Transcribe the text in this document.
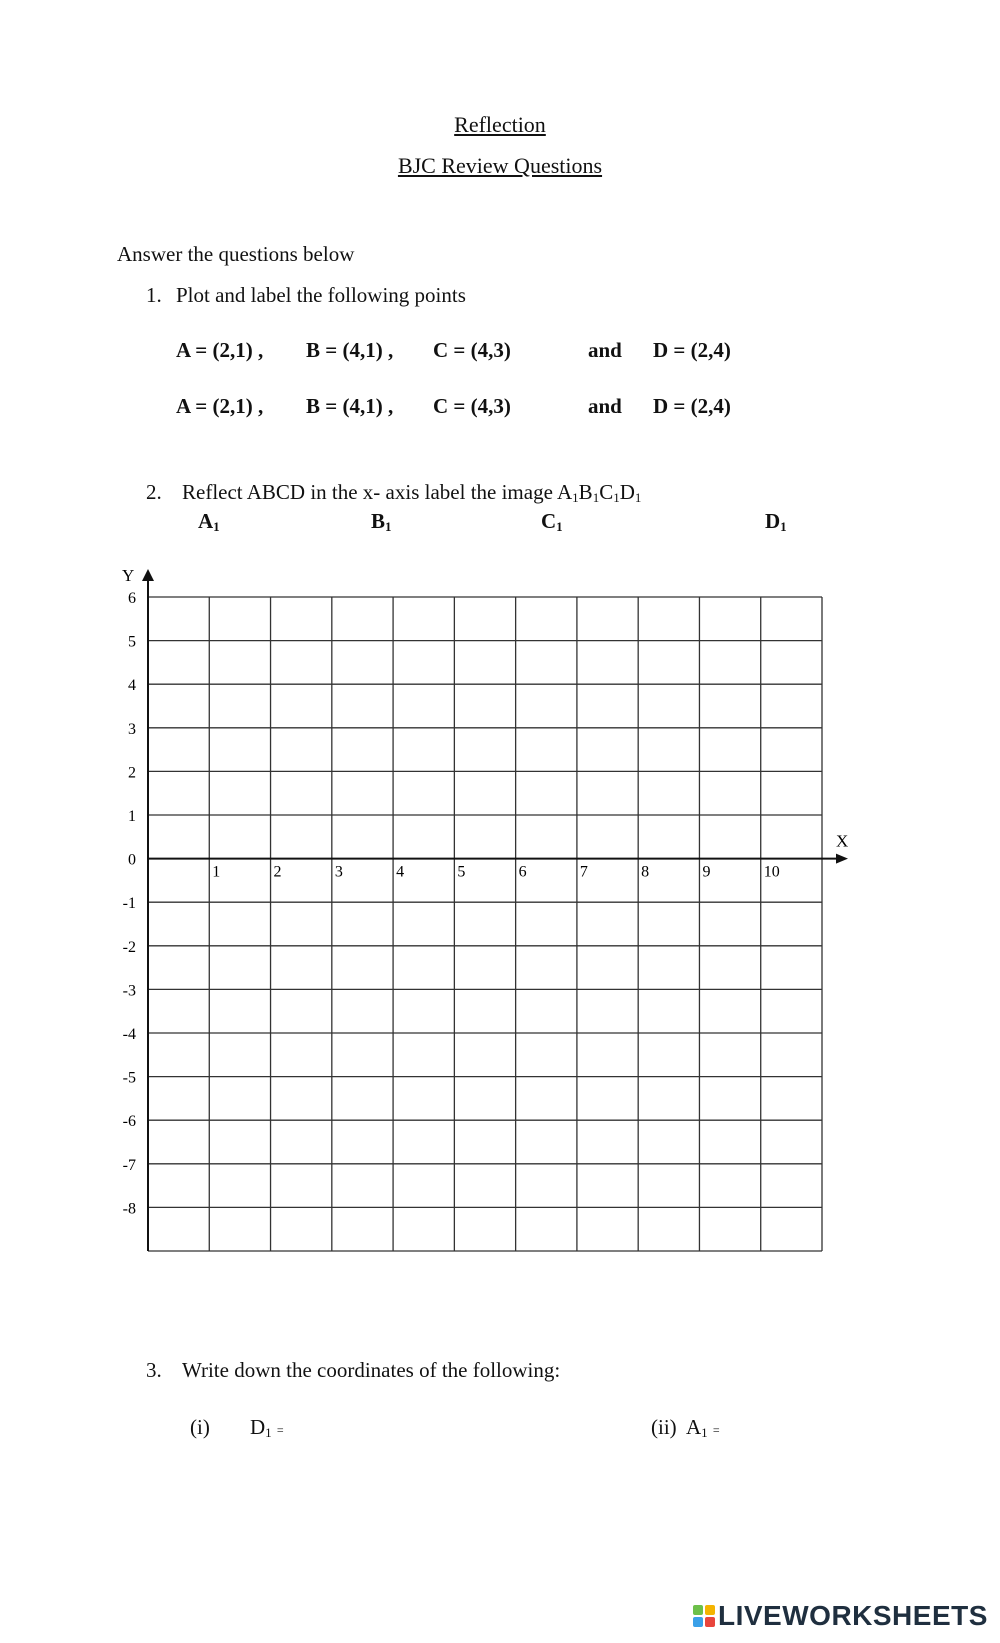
Reflection
BJC Review Questions
Answer the questions below
1. Plot and label the following points
A = (2,1) , B = (4,1) , C = (4,3)	and D = (2,4)
A = (2,1) , B = (4,1) , C = (4,3)	and D = (2,4)
2. Reflect ABCD in the x- axis label the image $A_1B_1C_1D_1$
$A_1$	$B_1$	$C_1$	$D_1$
Y
X
1	2	3	4	5	6	7	8	9	10
6
5
4
3
2
1
0
-1
-2
-3
-4
-5
-6
-7
-8
3. Write down the coordinates of the following:
(i) $D_1$ =	(ii) $A_1$ =
LIVEWORKSHEETS
